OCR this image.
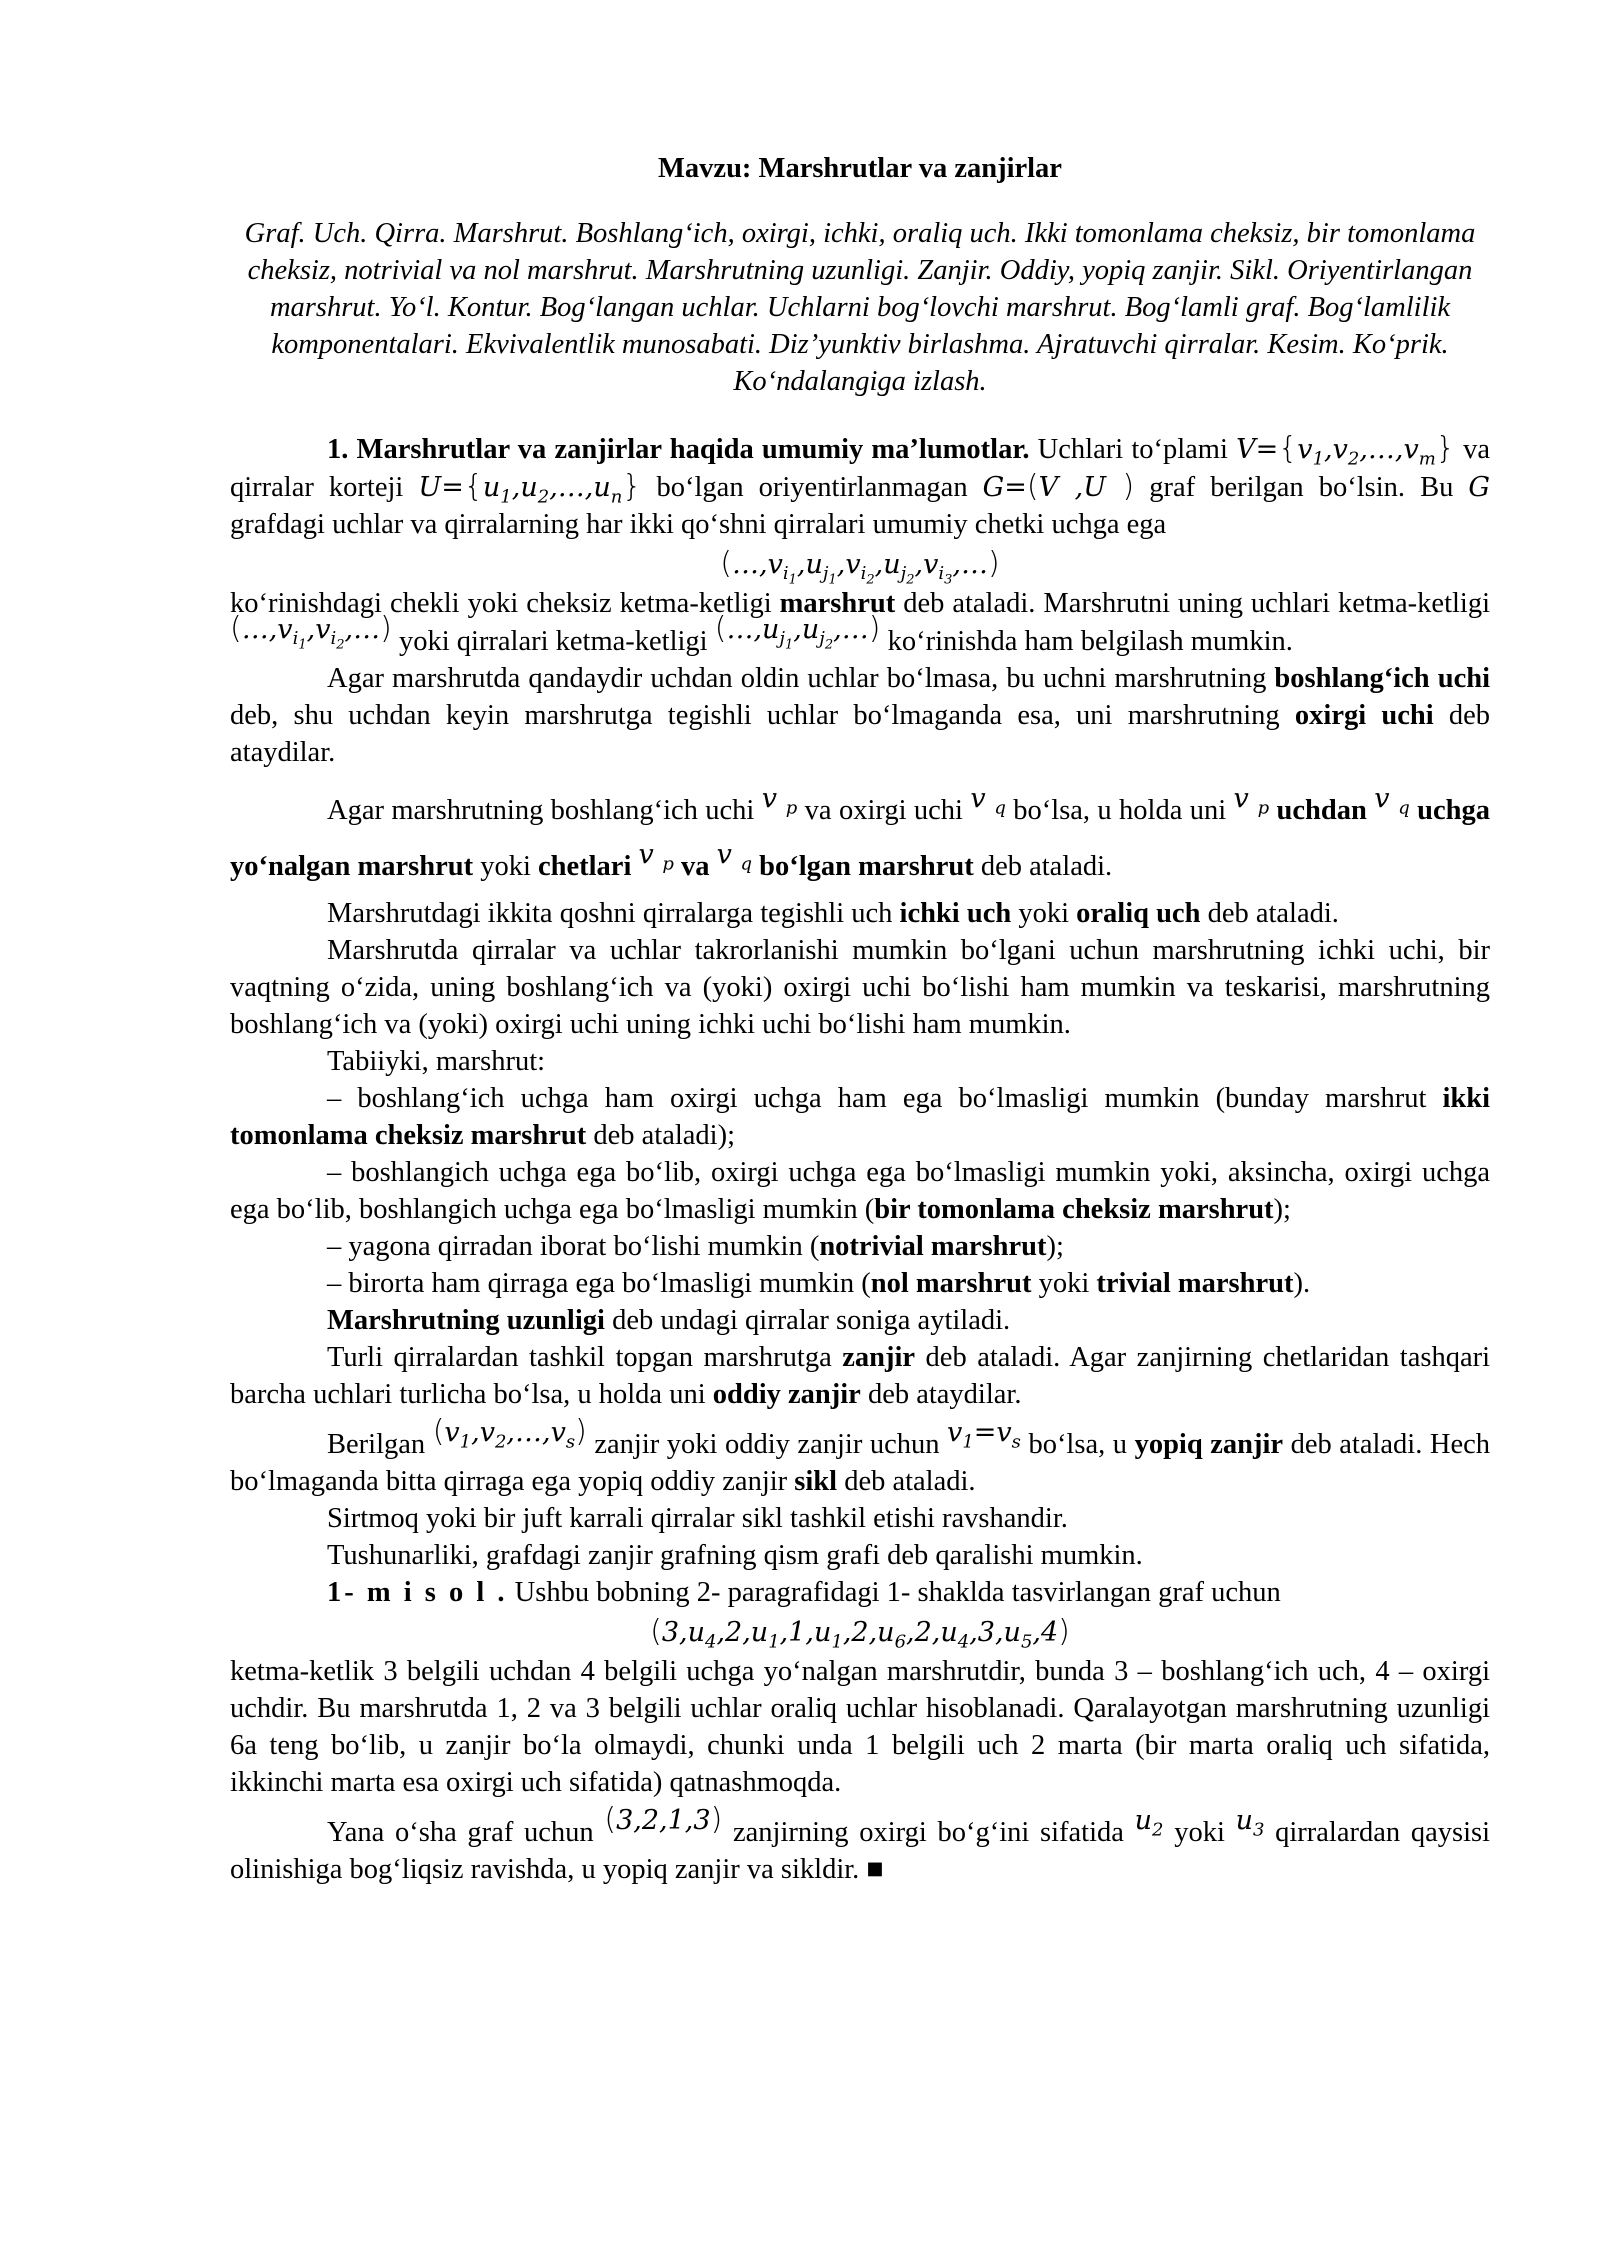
Mavzu: Marshrutlar va zanjirlar

Graf. Uch. Qirra. Marshrut. Boshlang‘ich, oxirgi, ichki, oraliq uch. Ikki tomonlama cheksiz, bir tomonlama cheksiz, notrivial va nol marshrut. Marshrutning uzunligi. Zanjir. Oddiy, yopiq zanjir. Sikl. Oriyentirlangan marshrut. Yo‘l. Kontur. Bog‘langan uchlar. Uchlarni bog‘lovchi marshrut. Bog‘lamli graf. Bog‘lamlilik komponentalari. Ekvivalentlik munosabati. Diz’yunktiv birlashma. Ajratuvchi qirralar. Kesim. Ko‘prik. Ko‘ndalangiga izlash.

1. Marshrutlar va zanjirlar haqida umumiy ma’lumotlar. Uchlari to‘plami $V=\{v_1,v_2,\dots,v_m\}$ va qirralar korteji $U=\{u_1,u_2,\dots,u_n\}$ bo‘lgan oriyentirlanmagan G=(V ,U ) graf berilgan bo‘lsin. Bu G grafdagi uchlar va qirralarning har ikki qo‘shni qirralari umumiy chetki uchga ega

$(\dots,v_{i_1},u_{j_1},v_{i_2},u_{j_2},v_{i_3},\dots)$

ko‘rinishdagi chekli yoki cheksiz ketma-ketligi marshrut deb ataladi. Marshrutni uning uchlari ketma-ketligi $(\dots,v_{i_1},v_{i_2},\dots)$ yoki qirralari ketma-ketligi $(\dots,u_{j_1},u_{j_2},\dots)$ ko‘rinishda ham belgilash mumkin.

Agar marshrutda qandaydir uchdan oldin uchlar bo‘lmasa, bu uchni marshrutning boshlang‘ich uchi deb, shu uchdan keyin marshrutga tegishli uchlar bo‘lmaganda esa, uni marshrutning oxirgi uchi deb ataydilar.

Agar marshrutning boshlang‘ich uchi v $_p$ va oxirgi uchi v $_q$ bo‘lsa, u holda uni v $_p$ uchdan v $_q$ uchga yo‘nalgan marshrut yoki chetlari v $_p$ va v $_q$ bo‘lgan marshrut deb ataladi.

Marshrutdagi ikkita qoshni qirralarga tegishli uch ichki uch yoki oraliq uch deb ataladi.

Marshrutda qirralar va uchlar takrorlanishi mumkin bo‘lgani uchun marshrutning ichki uchi, bir vaqtning o‘zida, uning boshlang‘ich va (yoki) oxirgi uchi bo‘lishi ham mumkin va teskarisi, marshrutning boshlang‘ich va (yoki) oxirgi uchi uning ichki uchi bo‘lishi ham mumkin.

Tabiiyki, marshrut:

– boshlang‘ich uchga ham oxirgi uchga ham ega bo‘lmasligi mumkin (bunday marshrut ikki tomonlama cheksiz marshrut deb ataladi);

– boshlangich uchga ega bo‘lib, oxirgi uchga ega bo‘lmasligi mumkin yoki, aksincha, oxirgi uchga ega bo‘lib, boshlangich uchga ega bo‘lmasligi mumkin (bir tomonlama cheksiz marshrut);

– yagona qirradan iborat bo‘lishi mumkin (notrivial marshrut);

– birorta ham qirraga ega bo‘lmasligi mumkin (nol marshrut yoki trivial marshrut).

Marshrutning uzunligi deb undagi qirralar soniga aytiladi.

Turli qirralardan tashkil topgan marshrutga zanjir deb ataladi. Agar zanjirning chetlaridan tashqari barcha uchlari turlicha bo‘lsa, u holda uni oddiy zanjir deb ataydilar.

Berilgan $(v_1,v_2,\dots,v_s)$ zanjir yoki oddiy zanjir uchun $v_1=v_s$ bo‘lsa, u yopiq zanjir deb ataladi. Hech bo‘lmaganda bitta qirraga ega yopiq oddiy zanjir sikl deb ataladi.

Sirtmoq yoki bir juft karrali qirralar sikl tashkil etishi ravshandir.

Tushunarliki, grafdagi zanjir grafning qism grafi deb qaralishi mumkin.

1- m i s o l . Ushbu bobning 2- paragrafidagi 1- shaklda tasvirlangan graf uchun

$(3,u_4,2,u_1,1,u_1,2,u_6,2,u_4,3,u_5,4)$

ketma-ketlik 3 belgili uchdan 4 belgili uchga yo‘nalgan marshrutdir, bunda 3 – boshlang‘ich uch, 4 – oxirgi uchdir. Bu marshrutda 1, 2 va 3 belgili uchlar oraliq uchlar hisoblanadi. Qaralayotgan marshrutning uzunligi 6a teng bo‘lib, u zanjir bo‘la olmaydi, chunki unda 1 belgili uch 2 marta (bir marta oraliq uch sifatida, ikkinchi marta esa oxirgi uch sifatida) qatnashmoqda.

Yana o‘sha graf uchun (3,2,1,3) zanjirning oxirgi bo‘g‘ini sifatida $u_2$ yoki $u_3$ qirralardan qaysisi olinishiga bog‘liqsiz ravishda, u yopiq zanjir va sikldir. ■
